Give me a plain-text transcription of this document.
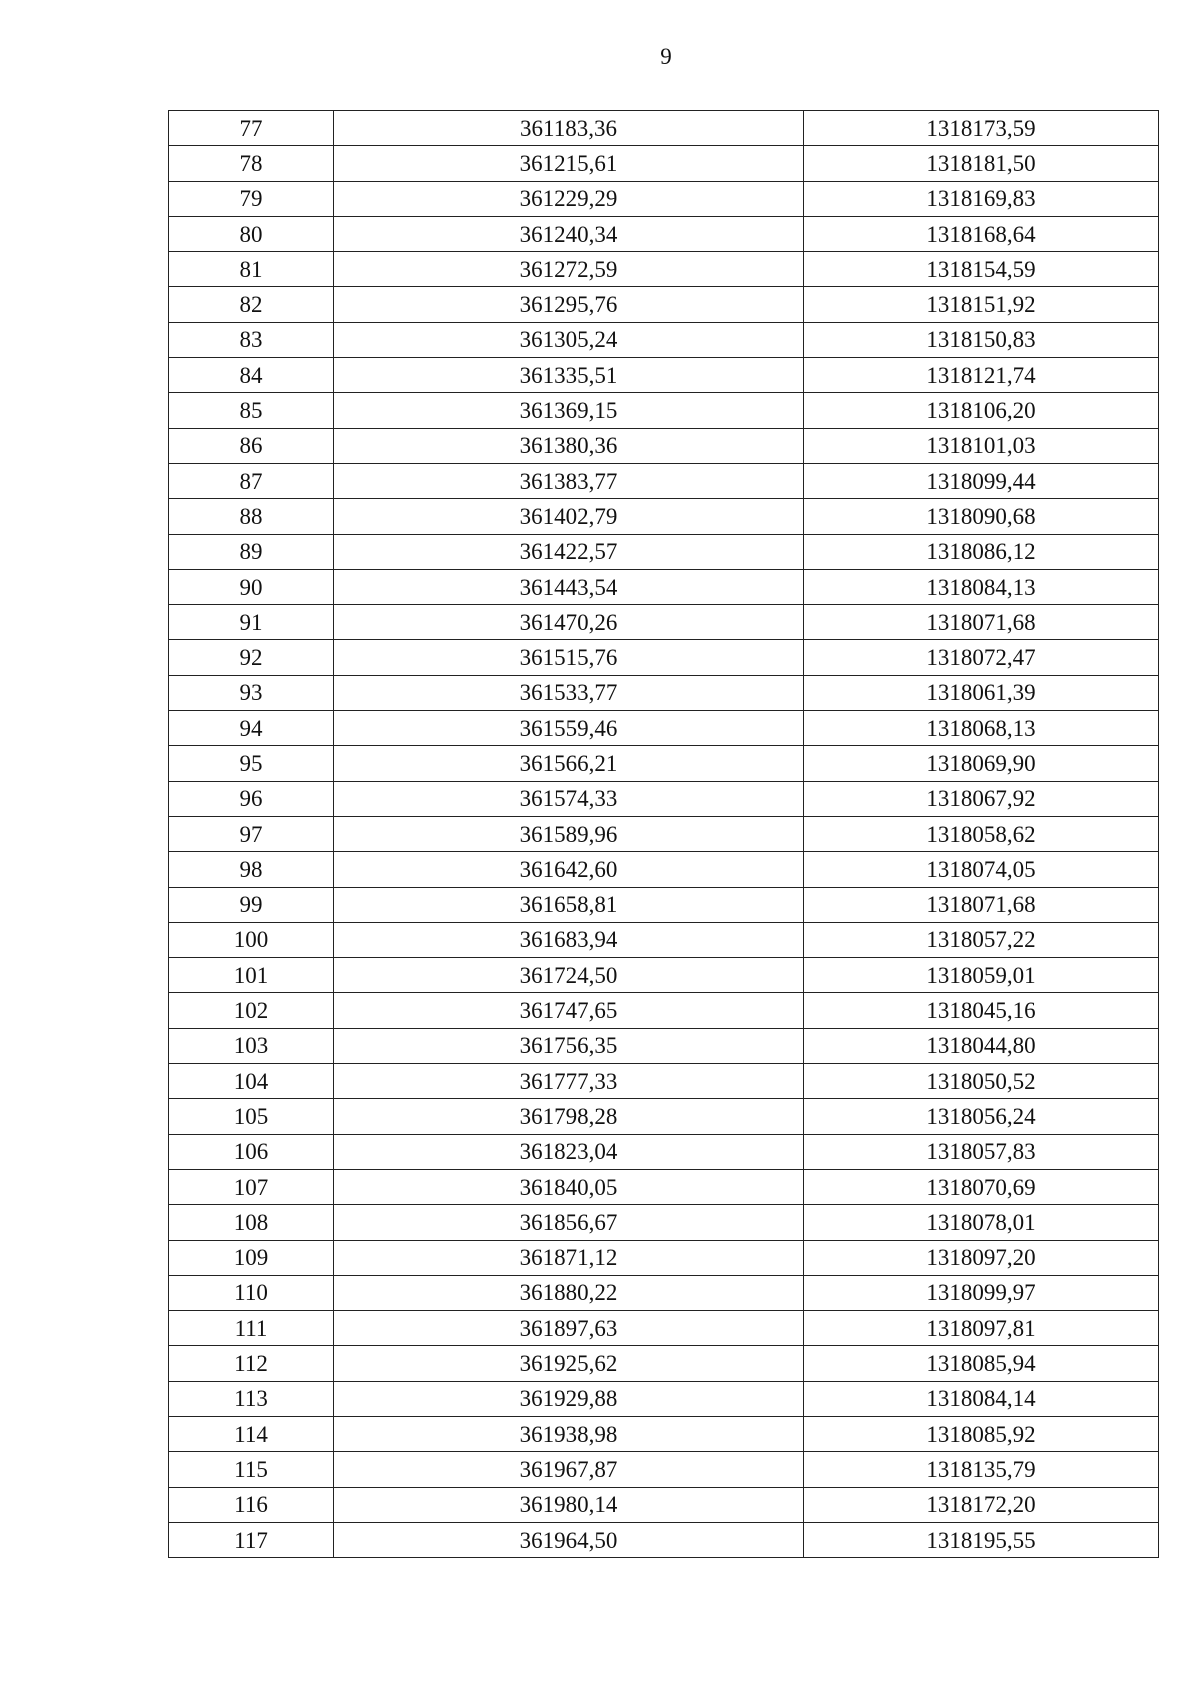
9
77	361183,36	1318173,59
78	361215,61	1318181,50
79	361229,29	1318169,83
80	361240,34	1318168,64
81	361272,59	1318154,59
82	361295,76	1318151,92
83	361305,24	1318150,83
84	361335,51	1318121,74
85	361369,15	1318106,20
86	361380,36	1318101,03
87	361383,77	1318099,44
88	361402,79	1318090,68
89	361422,57	1318086,12
90	361443,54	1318084,13
91	361470,26	1318071,68
92	361515,76	1318072,47
93	361533,77	1318061,39
94	361559,46	1318068,13
95	361566,21	1318069,90
96	361574,33	1318067,92
97	361589,96	1318058,62
98	361642,60	1318074,05
99	361658,81	1318071,68
100	361683,94	1318057,22
101	361724,50	1318059,01
102	361747,65	1318045,16
103	361756,35	1318044,80
104	361777,33	1318050,52
105	361798,28	1318056,24
106	361823,04	1318057,83
107	361840,05	1318070,69
108	361856,67	1318078,01
109	361871,12	1318097,20
110	361880,22	1318099,97
111	361897,63	1318097,81
112	361925,62	1318085,94
113	361929,88	1318084,14
114	361938,98	1318085,92
115	361967,87	1318135,79
116	361980,14	1318172,20
117	361964,50	1318195,55
